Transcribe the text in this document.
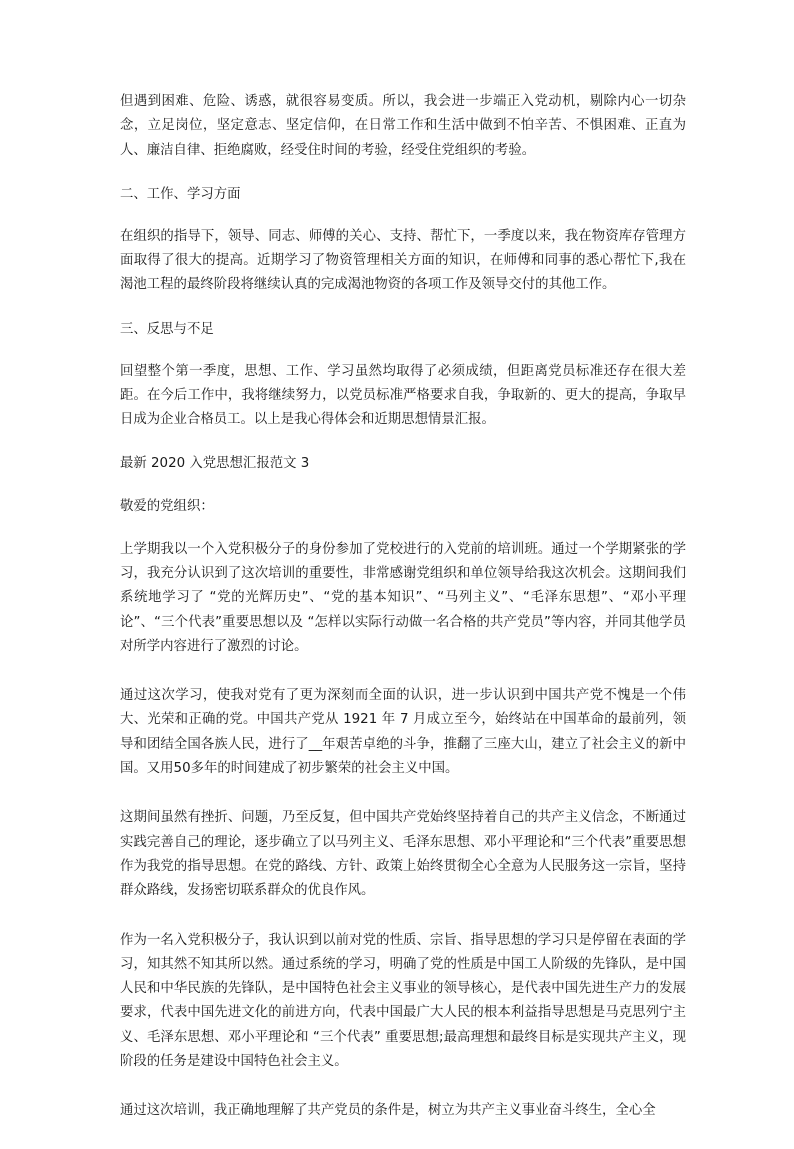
但遇到困难、危险、诱惑，就很容易变质。所以，我会进一步端正入党动机，剔除内心一切杂念，立足岗位，坚定意志、坚定信仰，在日常工作和生活中做到不怕辛苦、不惧困难、正直为人、廉洁自律、拒绝腐败，经受住时间的考验，经受住党组织的考验。

二、工作、学习方面

在组织的指导下，领导、同志、师傅的关心、支持、帮忙下，一季度以来，我在物资库存管理方面取得了很大的提高。近期学习了物资管理相关方面的知识，在师傅和同事的悉心帮忙下,我在渴池工程的最终阶段将继续认真的完成渴池物资的各项工作及领导交付的其他工作。

三、反思与不足

回望整个第一季度，思想、工作、学习虽然均取得了必须成绩，但距离党员标准还存在很大差距。在今后工作中，我将继续努力，以党员标准严格要求自我，争取新的、更大的提高，争取早日成为企业合格员工。以上是我心得体会和近期思想情景汇报。

最新 2020 入党思想汇报范文 3

敬爱的党组织：

上学期我以一个入党积极分子的身份参加了党校进行的入党前的培训班。通过一个学期紧张的学习，我充分认识到了这次培训的重要性，非常感谢党组织和单位领导给我这次机会。这期间我们系统地学习了 “党的光辉历史”、“党的基本知识”、“马列主义”、“毛泽东思想”、“邓小平理论”、“三个代表”重要思想以及 “怎样以实际行动做一名合格的共产党员”等内容，并同其他学员对所学内容进行了激烈的讨论。

通过这次学习，使我对党有了更为深刻而全面的认识，进一步认识到中国共产党不愧是一个伟大、光荣和正确的党。中国共产党从 1921 年 7 月成立至今，始终站在中国革命的最前列，领导和团结全国各族人民，进行了__年艰苦卓绝的斗争，推翻了三座大山，建立了社会主义的新中国。又用50多年的时间建成了初步繁荣的社会主义中国。

这期间虽然有挫折、问题，乃至反复，但中国共产党始终坚持着自己的共产主义信念，不断通过实践完善自己的理论，逐步确立了以马列主义、毛泽东思想、邓小平理论和“三个代表”重要思想作为我党的指导思想。在党的路线、方针、政策上始终贯彻全心全意为人民服务这一宗旨，坚持群众路线，发扬密切联系群众的优良作风。

作为一名入党积极分子，我认识到以前对党的性质、宗旨、指导思想的学习只是停留在表面的学习，知其然不知其所以然。通过系统的学习，明确了党的性质是中国工人阶级的先锋队，是中国人民和中华民族的先锋队，是中国特色社会主义事业的领导核心，是代表中国先进生产力的发展要求，代表中国先进文化的前进方向，代表中国最广大人民的根本利益指导思想是马克思列宁主义、毛泽东思想、邓小平理论和 “三个代表” 重要思想;最高理想和最终目标是实现共产主义，现阶段的任务是建设中国特色社会主义。

通过这次培训，我正确地理解了共产党员的条件是，树立为共产主义事业奋斗终生，全心全
